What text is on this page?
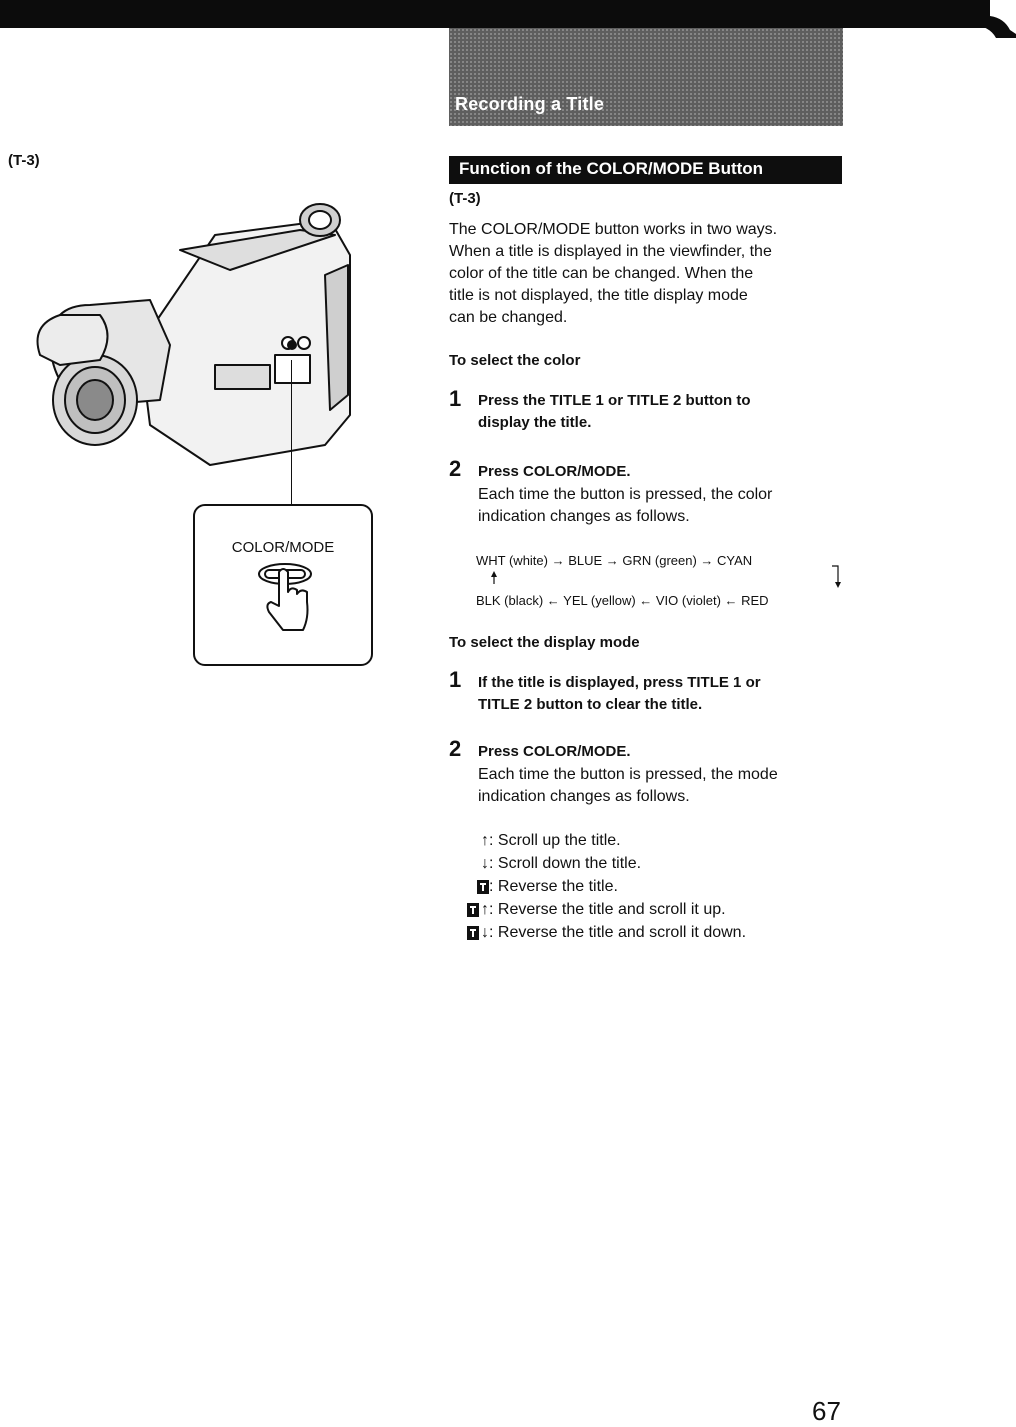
Recording a Title
(T-3)
COLOR/MODE
Function of the COLOR/MODE Button
(T-3)
The COLOR/MODE button works in two ways.
When a title is displayed in the viewfinder, the
color of the title can be changed. When the
title is not displayed, the title display mode
can be changed.
To select the color
1 Press the TITLE 1 or TITLE 2 button to
display the title.
2 Press COLOR/MODE.
Each time the button is pressed, the color
indication changes as follows.
WHT (white) → BLUE → GRN (green) → CYAN
BLK (black) ← YEL (yellow) ← VIO (violet) ← RED
To select the display mode
1 If the title is displayed, press TITLE 1 or
TITLE 2 button to clear the title.
2 Press COLOR/MODE.
Each time the button is pressed, the mode
indication changes as follows.
↑ : Scroll up the title.
↓ : Scroll down the title.
: Reverse the title.
↑ : Reverse the title and scroll it up.
↓ : Reverse the title and scroll it down.
67
